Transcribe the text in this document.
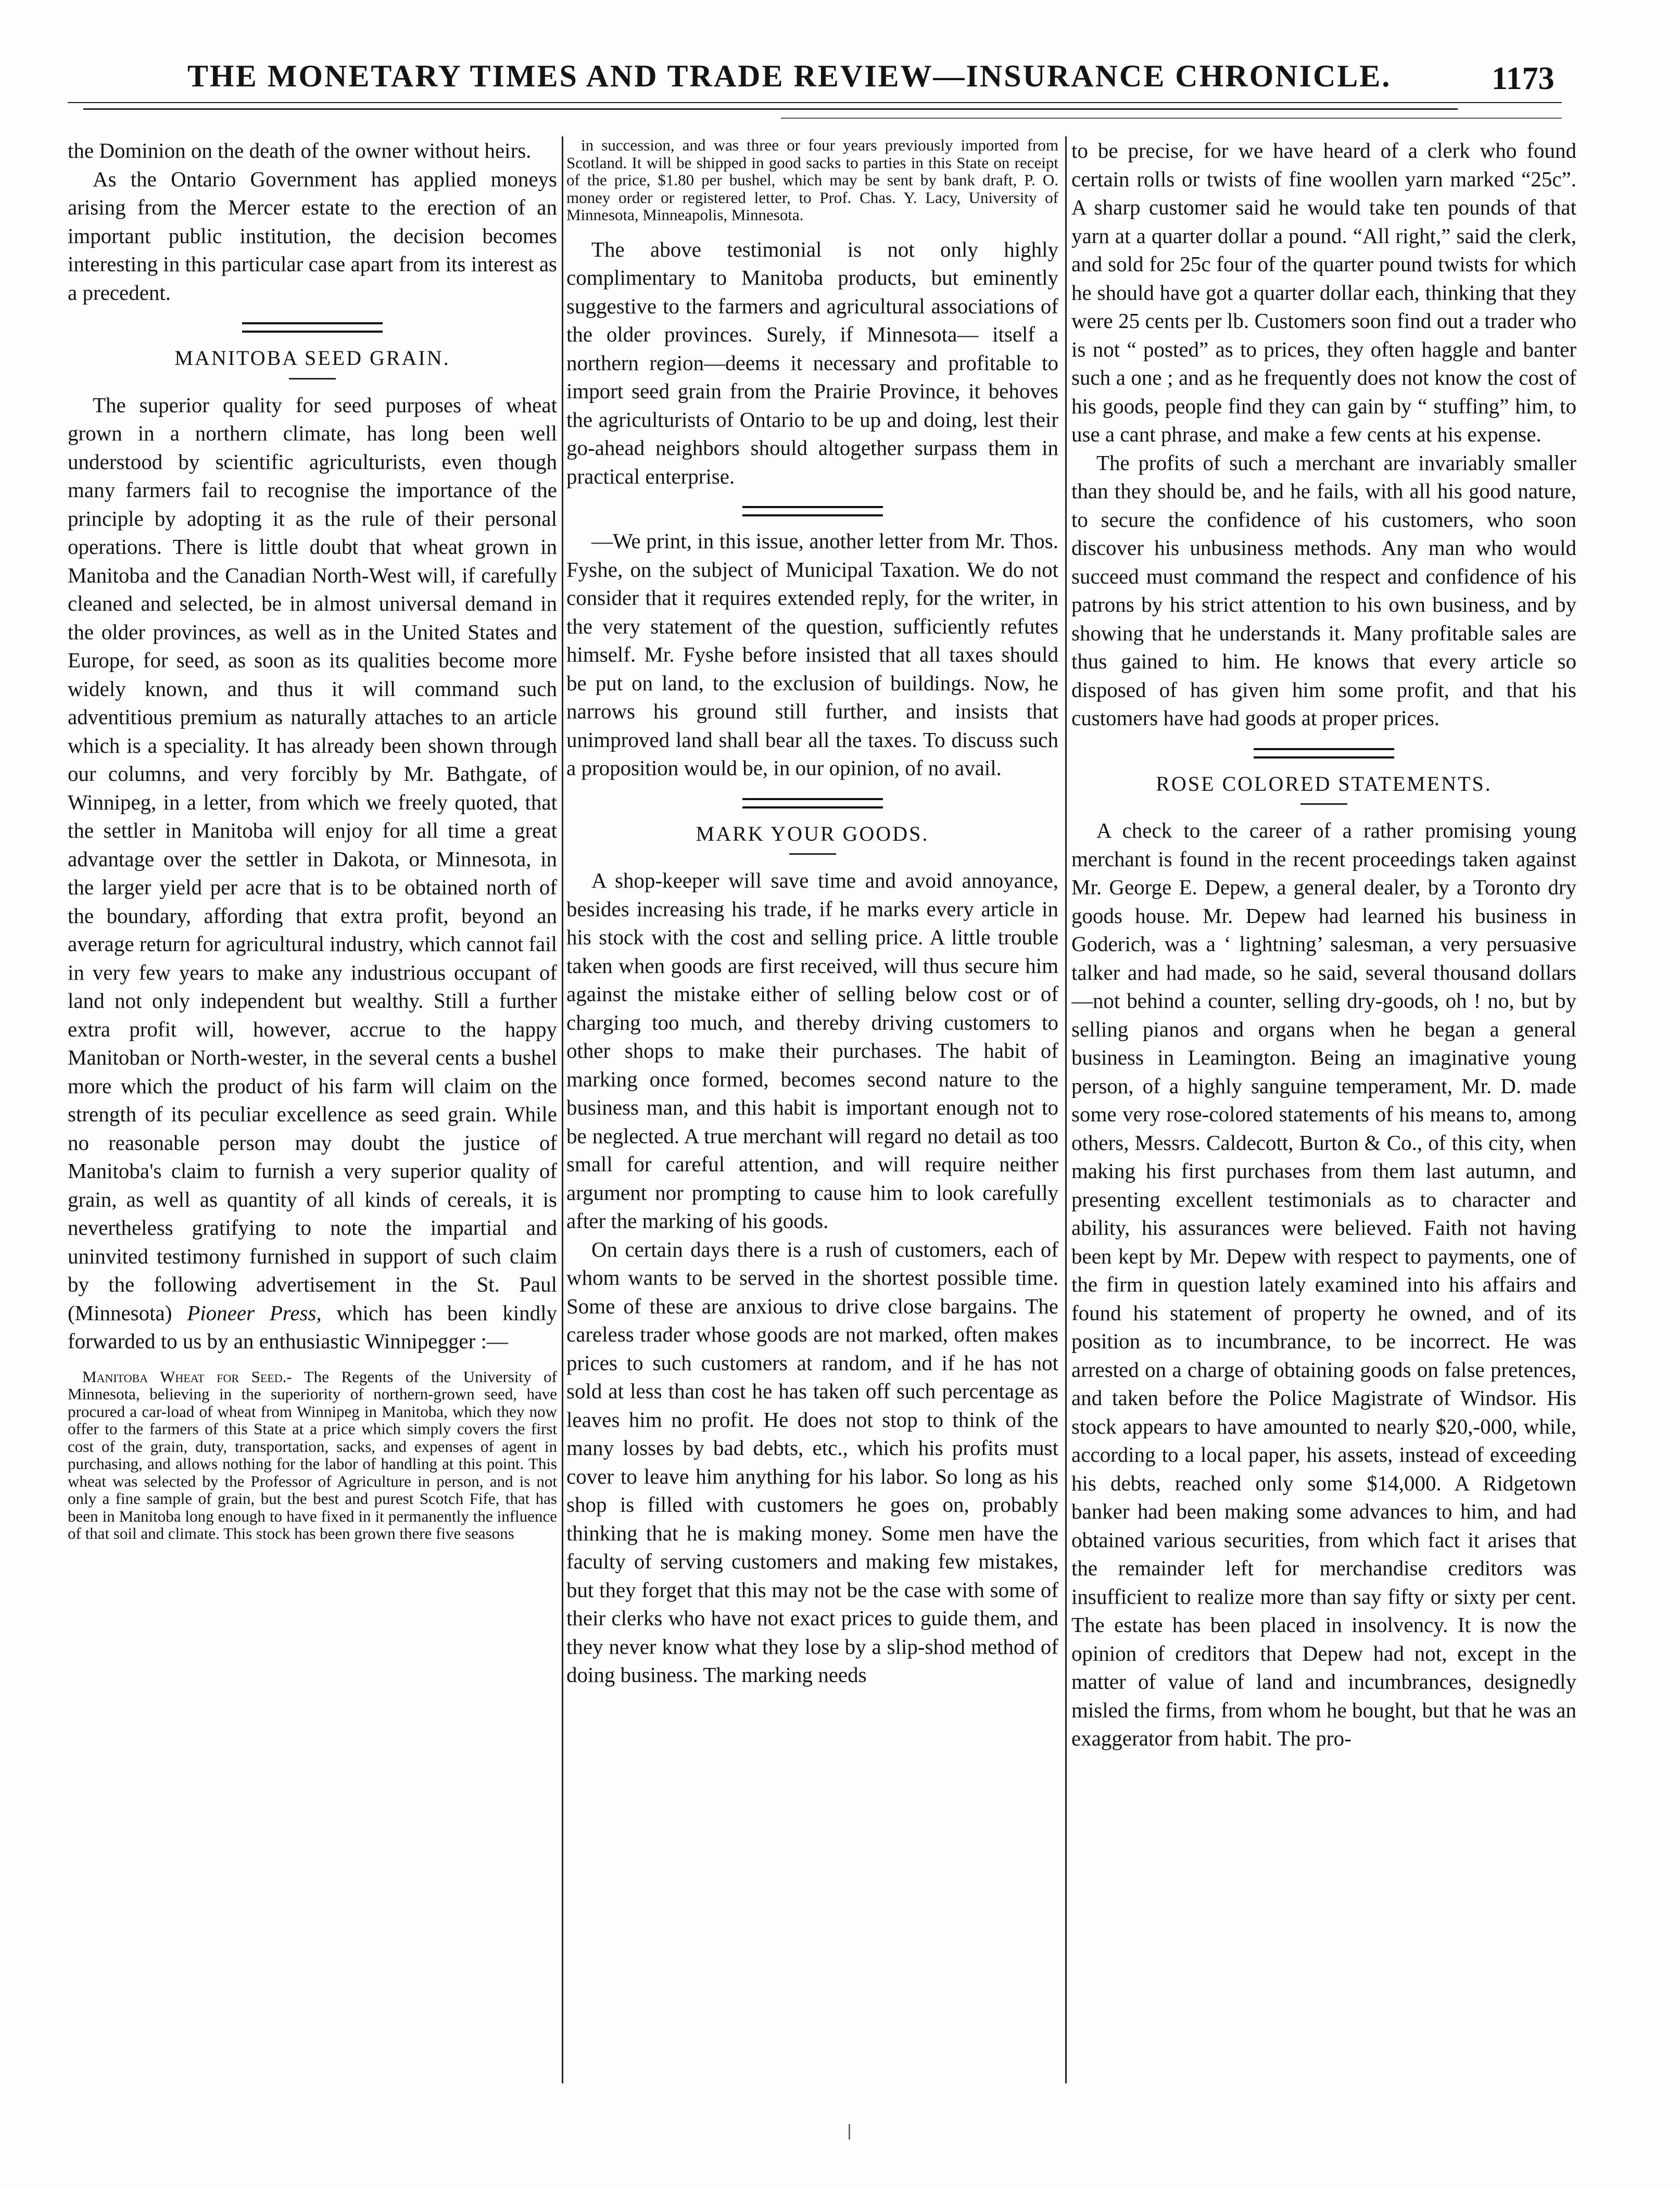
THE MONETARY TIMES AND TRADE REVIEW—INSURANCE CHRONICLE.	1173

the Dominion on the death of the owner without heirs.

As the Ontario Government has applied moneys arising from the Mercer estate to the erection of an important public institution, the decision becomes interesting in this particular case apart from its interest as a precedent.

MANITOBA SEED GRAIN.

The superior quality for seed purposes of wheat grown in a northern climate, has long been well understood by scientific agriculturists, even though many farmers fail to recognise the importance of the principle by adopting it as the rule of their personal operations. There is little doubt that wheat grown in Manitoba and the Canadian North-West will, if carefully cleaned and selected, be in almost universal demand in the older provinces, as well as in the United States and Europe, for seed, as soon as its qualities become more widely known, and thus it will command such adventitious premium as naturally attaches to an article which is a speciality. It has already been shown through our columns, and very forcibly by Mr. Bathgate, of Winnipeg, in a letter, from which we freely quoted, that the settler in Manitoba will enjoy for all time a great advantage over the settler in Dakota, or Minnesota, in the larger yield per acre that is to be obtained north of the boundary, affording that extra profit, beyond an average return for agricultural industry, which cannot fail in very few years to make any industrious occupant of land not only independent but wealthy. Still a further extra profit will, however, accrue to the happy Manitoban or North-wester, in the several cents a bushel more which the product of his farm will claim on the strength of its peculiar excellence as seed grain. While no reasonable person may doubt the justice of Manitoba's claim to furnish a very superior quality of grain, as well as quantity of all kinds of cereals, it is nevertheless gratifying to note the impartial and uninvited testimony furnished in support of such claim by the following advertisement in the St. Paul (Minnesota) Pioneer Press, which has been kindly forwarded to us by an enthusiastic Winnipegger :—

Manitoba Wheat for Seed.- The Regents of the University of Minnesota, believing in the superiority of northern-grown seed, have procured a car-load of wheat from Winnipeg in Manitoba, which they now offer to the farmers of this State at a price which simply covers the first cost of the grain, duty, transportation, sacks, and expenses of agent in purchasing, and allows nothing for the labor of handling at this point. This wheat was selected by the Professor of Agriculture in person, and is not only a fine sample of grain, but the best and purest Scotch Fife, that has been in Manitoba long enough to have fixed in it permanently the influence of that soil and climate. This stock has been grown there five seasons

in succession, and was three or four years previously imported from Scotland. It will be shipped in good sacks to parties in this State on receipt of the price, $1.80 per bushel, which may be sent by bank draft, P. O. money order or registered letter, to Prof. Chas. Y. Lacy, University of Minnesota, Minneapolis, Minnesota.

The above testimonial is not only highly complimentary to Manitoba products, but eminently suggestive to the farmers and agricultural associations of the older provinces. Surely, if Minnesota— itself a northern region—deems it necessary and profitable to import seed grain from the Prairie Province, it behoves the agriculturists of Ontario to be up and doing, lest their go-ahead neighbors should altogether surpass them in practical enterprise.

—We print, in this issue, another letter from Mr. Thos. Fyshe, on the subject of Municipal Taxation. We do not consider that it requires extended reply, for the writer, in the very statement of the question, sufficiently refutes himself. Mr. Fyshe before insisted that all taxes should be put on land, to the exclusion of buildings. Now, he narrows his ground still further, and insists that unimproved land shall bear all the taxes. To discuss such a proposition would be, in our opinion, of no avail.

MARK YOUR GOODS.

A shop-keeper will save time and avoid annoyance, besides increasing his trade, if he marks every article in his stock with the cost and selling price. A little trouble taken when goods are first received, will thus secure him against the mistake either of selling below cost or of charging too much, and thereby driving customers to other shops to make their purchases. The habit of marking once formed, becomes second nature to the business man, and this habit is important enough not to be neglected. A true merchant will regard no detail as too small for careful attention, and will require neither argument nor prompting to cause him to look carefully after the marking of his goods.

On certain days there is a rush of customers, each of whom wants to be served in the shortest possible time. Some of these are anxious to drive close bargains. The careless trader whose goods are not marked, often makes prices to such customers at random, and if he has not sold at less than cost he has taken off such percentage as leaves him no profit. He does not stop to think of the many losses by bad debts, etc., which his profits must cover to leave him anything for his labor. So long as his shop is filled with customers he goes on, probably thinking that he is making money. Some men have the faculty of serving customers and making few mistakes, but they forget that this may not be the case with some of their clerks who have not exact prices to guide them, and they never know what they lose by a slip-shod method of doing business. The marking needs

to be precise, for we have heard of a clerk who found certain rolls or twists of fine woollen yarn marked “25c”. A sharp customer said he would take ten pounds of that yarn at a quarter dollar a pound. “All right,” said the clerk, and sold for 25c four of the quarter pound twists for which he should have got a quarter dollar each, thinking that they were 25 cents per lb. Customers soon find out a trader who is not “ posted” as to prices, they often haggle and banter such a one ; and as he frequently does not know the cost of his goods, people find they can gain by “ stuffing” him, to use a cant phrase, and make a few cents at his expense.

The profits of such a merchant are invariably smaller than they should be, and he fails, with all his good nature, to secure the confidence of his customers, who soon discover his unbusiness methods. Any man who would succeed must command the respect and confidence of his patrons by his strict attention to his own business, and by showing that he understands it. Many profitable sales are thus gained to him. He knows that every article so disposed of has given him some profit, and that his customers have had goods at proper prices.

ROSE COLORED STATEMENTS.

A check to the career of a rather promising young merchant is found in the recent proceedings taken against Mr. George E. Depew, a general dealer, by a Toronto dry goods house. Mr. Depew had learned his business in Goderich, was a ‘ lightning’ salesman, a very persuasive talker and had made, so he said, several thousand dollars—not behind a counter, selling dry-goods, oh ! no, but by selling pianos and organs when he began a general business in Leamington. Being an imaginative young person, of a highly sanguine temperament, Mr. D. made some very rose-colored statements of his means to, among others, Messrs. Caldecott, Burton & Co., of this city, when making his first purchases from them last autumn, and presenting excellent testimonials as to character and ability, his assurances were believed. Faith not having been kept by Mr. Depew with respect to payments, one of the firm in question lately examined into his affairs and found his statement of property he owned, and of its position as to incumbrance, to be incorrect. He was arrested on a charge of obtaining goods on false pretences, and taken before the Police Magistrate of Windsor. His stock appears to have amounted to nearly $20,-000, while, according to a local paper, his assets, instead of exceeding his debts, reached only some $14,000. A Ridgetown banker had been making some advances to him, and had obtained various securities, from which fact it arises that the remainder left for merchandise creditors was insufficient to realize more than say fifty or sixty per cent. The estate has been placed in insolvency. It is now the opinion of creditors that Depew had not, except in the matter of value of land and incumbrances, designedly misled the firms, from whom he bought, but that he was an exaggerator from habit. The pro-
